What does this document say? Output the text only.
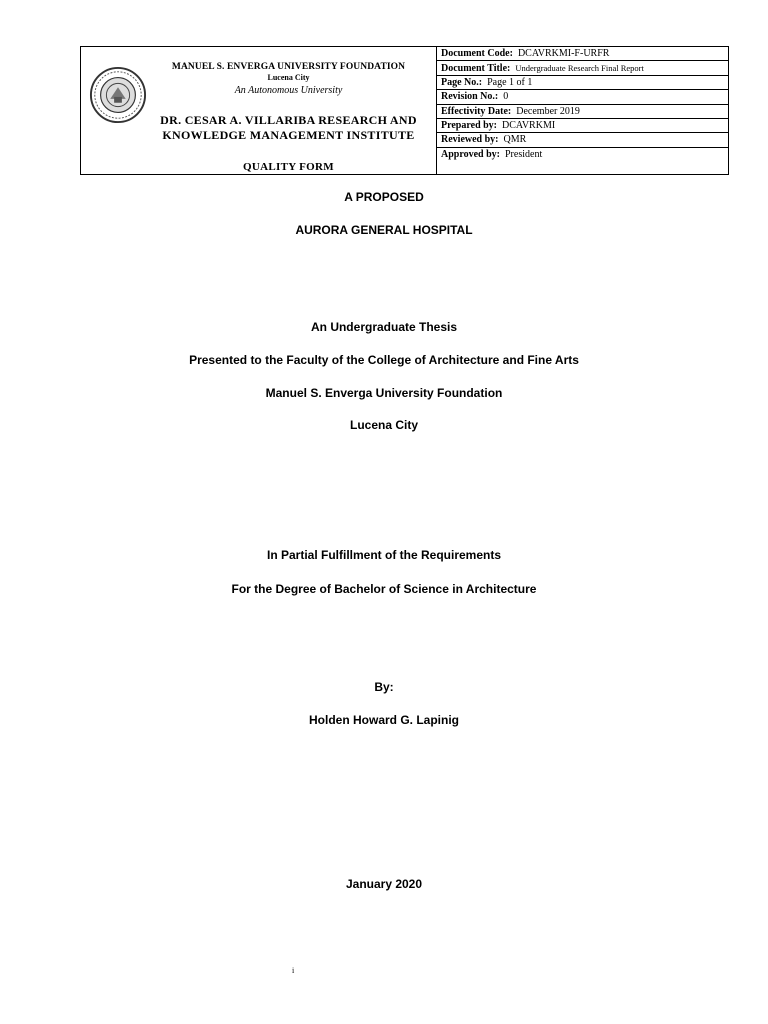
MANUEL S. ENVERGA UNIVERSITY FOUNDATION
Lucena City
An Autonomous University
DR. CESAR A. VILLARIBA RESEARCH AND
KNOWLEDGE MANAGEMENT INSTITUTE
QUALITY FORM
Document Code: DCAVRKMI-F-URFR
Document Title: Undergraduate Research Final Report
Page No.: Page 1 of 1
Revision No.: 0
Effectivity Date: December 2019
Prepared by: DCAVRKMI
Reviewed by: QMR
Approved by: President
A PROPOSED
AURORA GENERAL HOSPITAL
An Undergraduate Thesis
Presented to the Faculty of the College of Architecture and Fine Arts
Manuel S. Enverga University Foundation
Lucena City
In Partial Fulfillment of the Requirements
For the Degree of Bachelor of Science in Architecture
By:
Holden Howard G. Lapinig
January 2020
i
